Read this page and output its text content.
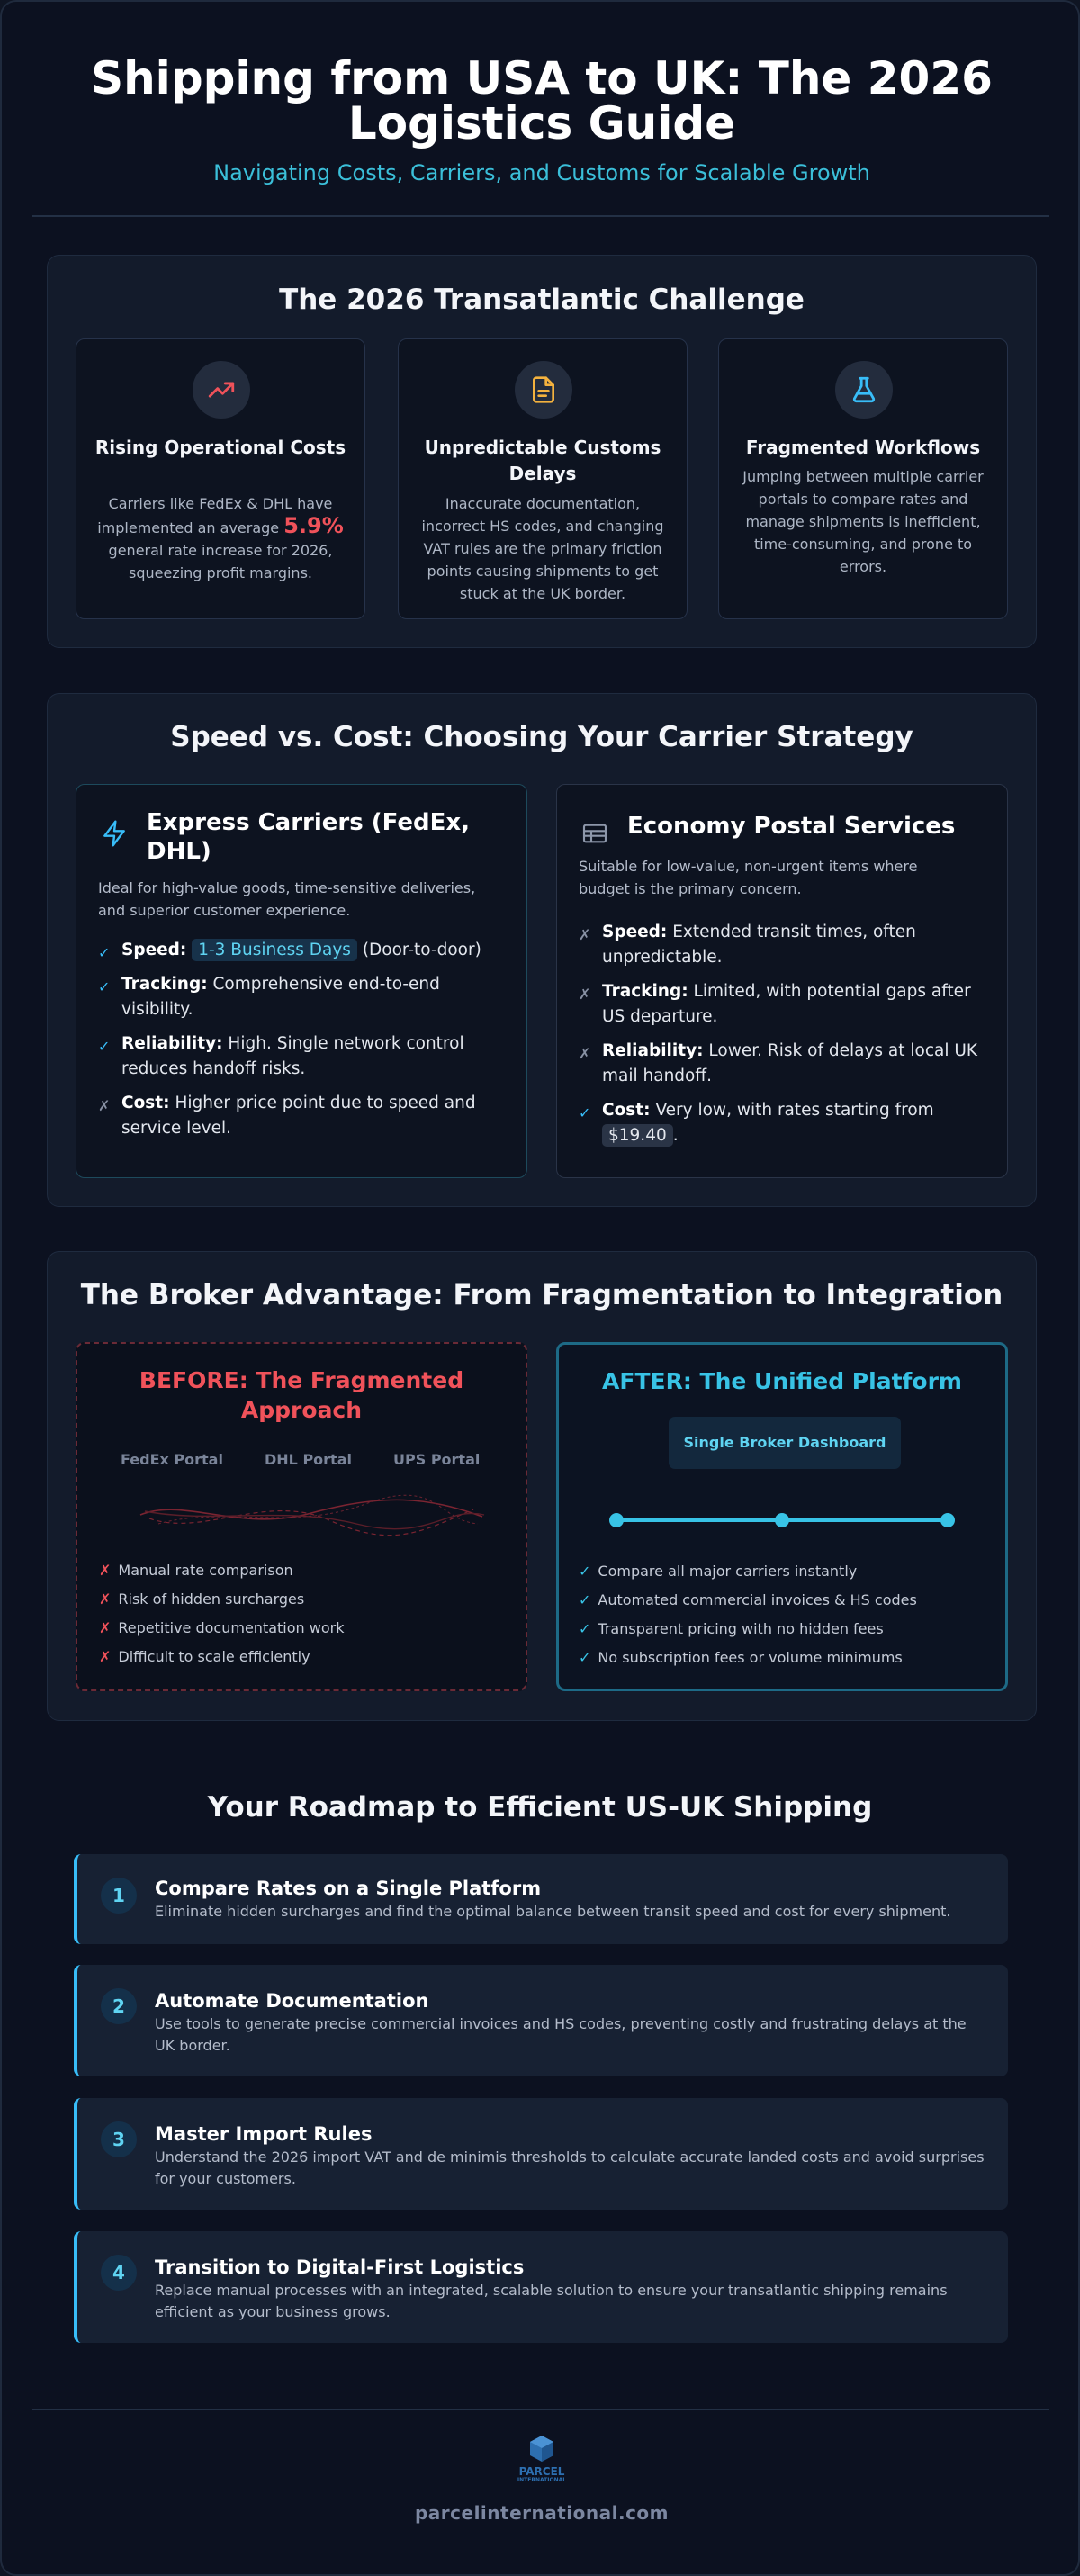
Shipping from USA to UK: The 2026
Logistics Guide
Navigating Costs, Carriers, and Customs for Scalable Growth
The 2026 Transatlantic Challenge
Rising Operational Costs
Carriers like FedEx & DHL have implemented an average 5.9% general rate increase for 2026, squeezing profit margins.
Unpredictable Customs Delays
Inaccurate documentation, incorrect HS codes, and changing VAT rules are the primary friction points causing shipments to get stuck at the UK border.
Fragmented Workflows
Jumping between multiple carrier portals to compare rates and manage shipments is inefficient, time-consuming, and prone to errors.
Speed vs. Cost: Choosing Your Carrier Strategy
Express Carriers (FedEx, DHL)
Ideal for high-value goods, time-sensitive deliveries, and superior customer experience.
✓ Speed: 1-3 Business Days (Door-to-door)
✓ Tracking: Comprehensive end-to-end visibility.
✓ Reliability: High. Single network control reduces handoff risks.
✗ Cost: Higher price point due to speed and service level.
Economy Postal Services
Suitable for low-value, non-urgent items where budget is the primary concern.
✗ Speed: Extended transit times, often unpredictable.
✗ Tracking: Limited, with potential gaps after US departure.
✗ Reliability: Lower. Risk of delays at local UK mail handoff.
✓ Cost: Very low, with rates starting from $19.40 .
The Broker Advantage: From Fragmentation to Integration
BEFORE: The Fragmented
Approach
FedEx Portal	DHL Portal	UPS Portal
✗ Manual rate comparison
✗ Risk of hidden surcharges
✗ Repetitive documentation work
✗ Difficult to scale efficiently
AFTER: The Unified Platform
Single Broker Dashboard
✓ Compare all major carriers instantly
✓ Automated commercial invoices & HS codes
✓ Transparent pricing with no hidden fees
✓ No subscription fees or volume minimums
Your Roadmap to Efficient US-UK Shipping
1	Compare Rates on a Single Platform
Eliminate hidden surcharges and find the optimal balance between transit speed and cost for every shipment.
2	Automate Documentation
Use tools to generate precise commercial invoices and HS codes, preventing costly and frustrating delays at the UK border.
3	Master Import Rules
Understand the 2026 import VAT and de minimis thresholds to calculate accurate landed costs and avoid surprises for your customers.
4	Transition to Digital-First Logistics
Replace manual processes with an integrated, scalable solution to ensure your transatlantic shipping remains efficient as your business grows.
PARCEL
INTERNATIONAL
parcelinternational.com
